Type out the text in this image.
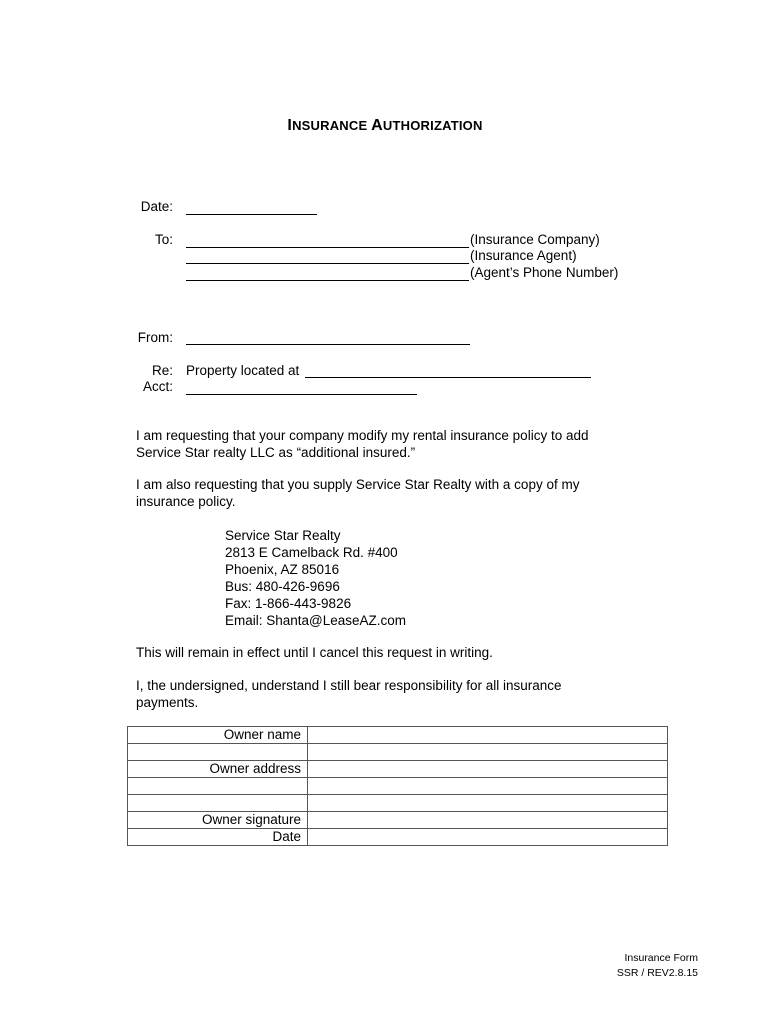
INSURANCE AUTHORIZATION
Date:
To:	(Insurance Company)
(Insurance Agent)
(Agent’s Phone Number)
From:
Re: Property located at
Acct:
I am requesting that your company modify my rental insurance policy to add Service Star realty LLC as “additional insured.”
I am also requesting that you supply Service Star Realty with a copy of my insurance policy.
Service Star Realty
2813 E Camelback Rd. #400
Phoenix, AZ 85016
Bus: 480-426-9696
Fax: 1-866-443-9826
Email: Shanta@LeaseAZ.com
This will remain in effect until I cancel this request in writing.
I, the undersigned, understand I still bear responsibility for all insurance payments.
Owner name	

Owner address	

Owner signature	
Date	
Insurance Form
SSR / REV2.8.15
